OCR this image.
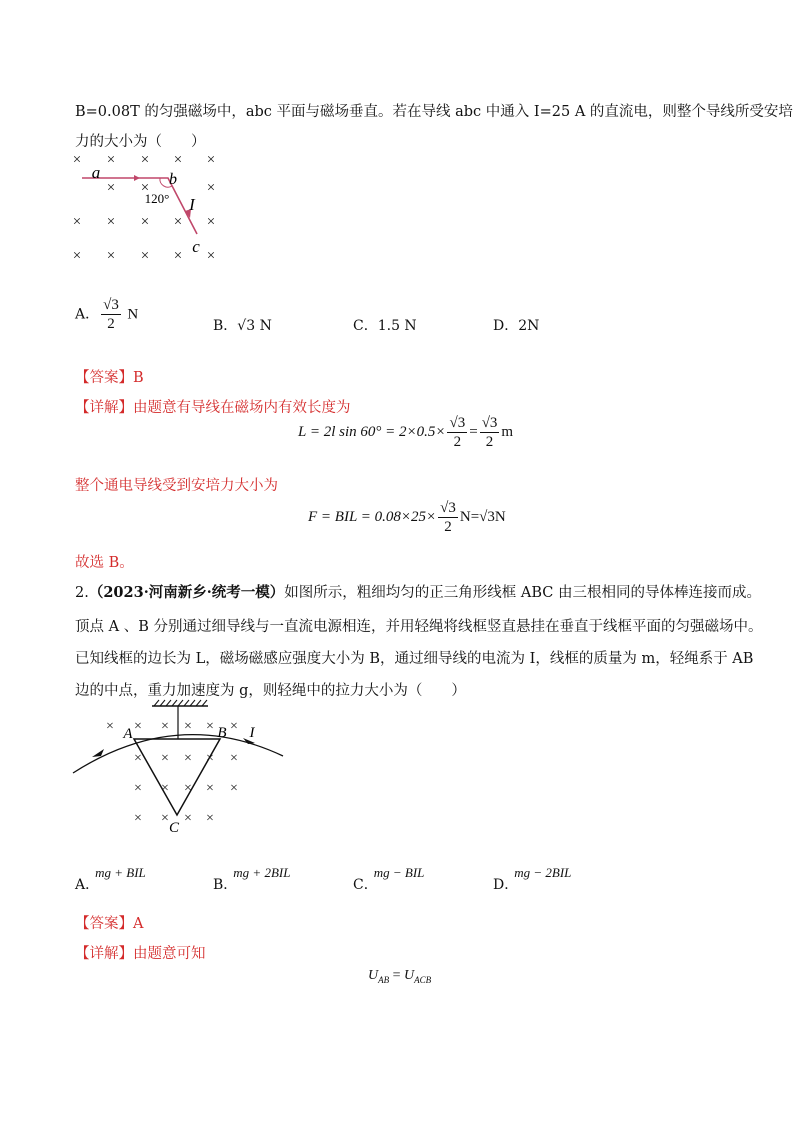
B=0.08T 的匀强磁场中，abc 平面与磁场垂直。若在导线 abc 中通入 I=25 A 的直流电，则整个导线所受安培
力的大小为（　　）
× × × × ×
× ×	×
× × × × ×
× × × × ×
a	b
120° I
c
A． $\frac{√3}{2}$ N
B．√3 N	C．1.5 N	D．2N
【答案】B
【详解】由题意有导线在磁场内有效长度为
L = 2l $\sin 60^\circ = 2\times 0.5\times \frac{√3}{2} = \frac{√3}{2}$ m
整个通电导线受到安培力大小为
F = BIL = $0.08\times 25\times \frac{√3}{2} N=√3N$
故选 B。
2.（2023·河南新乡·统考一模）如图所示，粗细均匀的正三角形线框 ABC 由三根相同的导体棒连接而成。
顶点 A 、B 分别通过细导线与一直流电源相连，并用轻绳将线框竖直悬挂在垂直于线框平面的匀强磁场中。
已知线框的边长为 L，磁场磁感应强度大小为 B，通过细导线的电流为 I，线框的质量为 m，轻绳系于 AB
边的中点，重力加速度为 g，则轻绳中的拉力大小为（　　）
× × × × × ×
× × × × ×
× × × × ×
× × × ×
A	B I
C
A．mg + BIL
B．mg + 2BIL
C．mg − BIL
D．mg − 2BIL
【答案】A
【详解】由题意可知
$U_{AB} = U_{ACB}$
